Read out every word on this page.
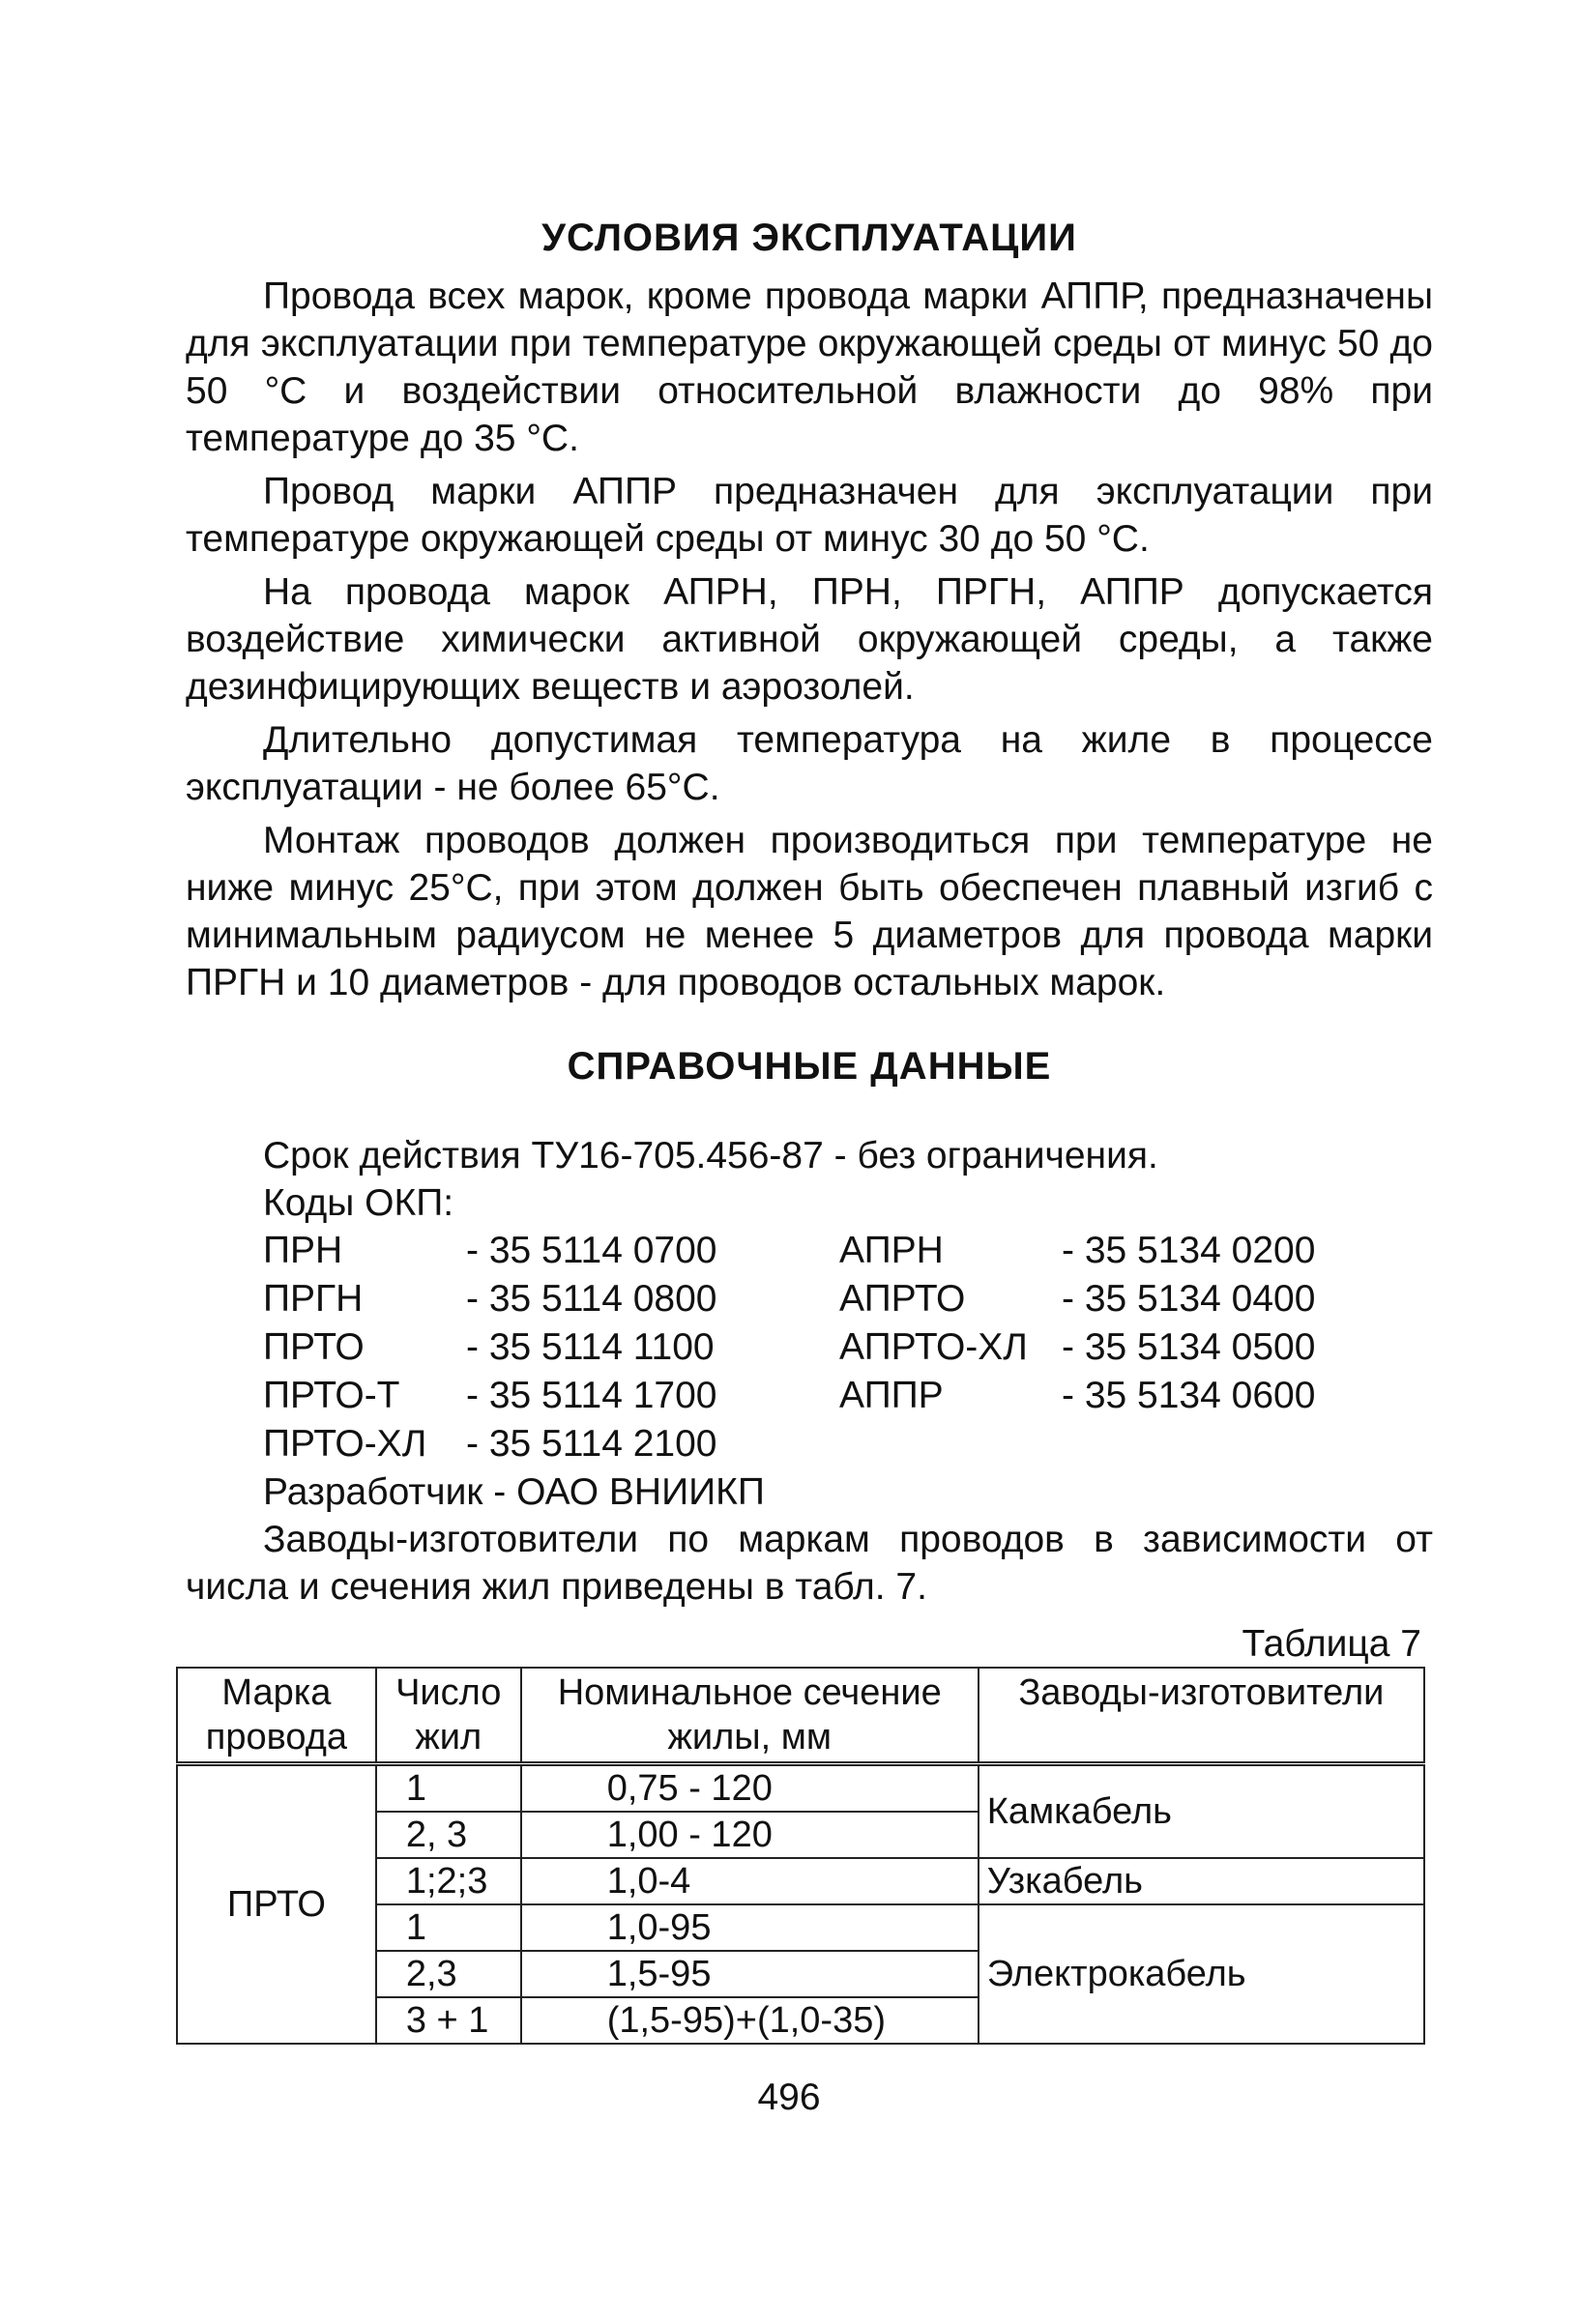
УСЛОВИЯ ЭКСПЛУАТАЦИИ

Провода всех марок, кроме провода марки АППР, предназначены для эксплуатации при температуре окружающей среды от минус 50 до 50 °С и воздействии относительной влажности до 98% при температуре до 35 °С.

Провод марки АППР предназначен для эксплуатации при температуре окружающей среды от минус 30 до 50 °С.

На провода марок АПРН, ПРН, ПРГН, АППР допускается воздействие химически активной окружающей среды, а также дезинфицирующих веществ и аэрозолей.

Длительно допустимая температура на жиле в процессе эксплуатации - не более 65°С.

Монтаж проводов должен производиться при температуре не ниже минус 25°С, при этом должен быть обеспечен плавный изгиб с минимальным радиусом не менее 5 диаметров для провода марки ПРГН и 10 диаметров - для проводов остальных марок.

СПРАВОЧНЫЕ ДАННЫЕ
Срок действия ТУ16-705.456-87 - без ограничения.
Коды ОКП:
ПРН	- 35 5114 0700	АПРН	- 35 5134 0200
ПРГН	- 35 5114 0800	АПРТО	- 35 5134 0400
ПРТО	- 35 5114 1100	АПРТО-ХЛ - 35 5134 0500
ПРТО-Т	- 35 5114 1700	АППР	- 35 5134 0600
ПРТО-ХЛ	- 35 5114 2100
Разработчик - ОАО ВНИИКП

Заводы-изготовители по маркам проводов в зависимости от числа и сечения жил приведены в табл. 7.

Таблица 7
Марка провода	Число жил	Номинальное сечение жилы, мм	Заводы-изготовители
ПРТО	1	0,75 - 120	Камкабель
	2, 3	1,00 - 120	
	1;2;3	1,0-4	Узкабель
	1	1,0-95	Электрокабель
	2,3	1,5-95	
	3 + 1	(1,5-95)+(1,0-35)	
496
